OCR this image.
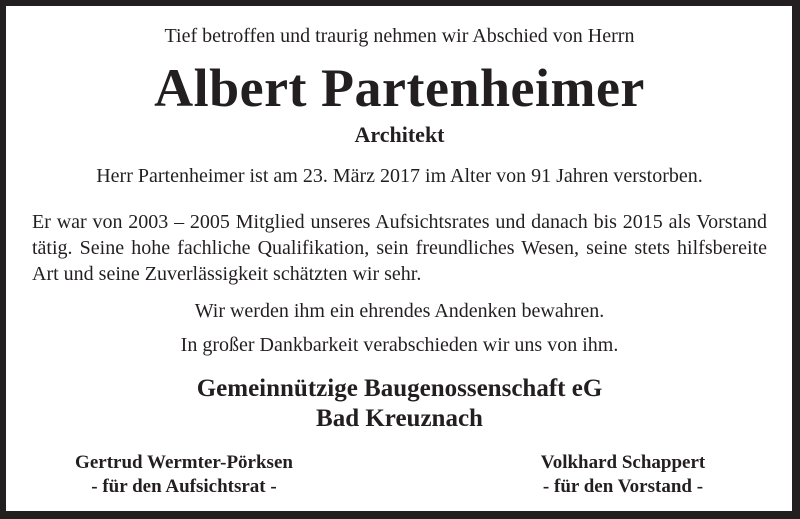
Tief betroffen und traurig nehmen wir Abschied von Herrn
Albert Partenheimer
Architekt
Herr Partenheimer ist am 23. März 2017 im Alter von 91 Jahren verstorben.
Er war von 2003 – 2005 Mitglied unseres Aufsichtsrates und danach bis 2015 als Vorstand tätig. Seine hohe fachliche Qualifikation, sein freundliches Wesen, seine stets hilfsbereite Art und seine Zuverlässigkeit schätzten wir sehr.
Wir werden ihm ein ehrendes Andenken bewahren.
In großer Dankbarkeit verabschieden wir uns von ihm.
Gemeinnützige Baugenossenschaft eG
Bad Kreuznach
Gertrud Wermter-Pörksen
- für den Aufsichtsrat -
Volkhard Schappert
- für den Vorstand -
